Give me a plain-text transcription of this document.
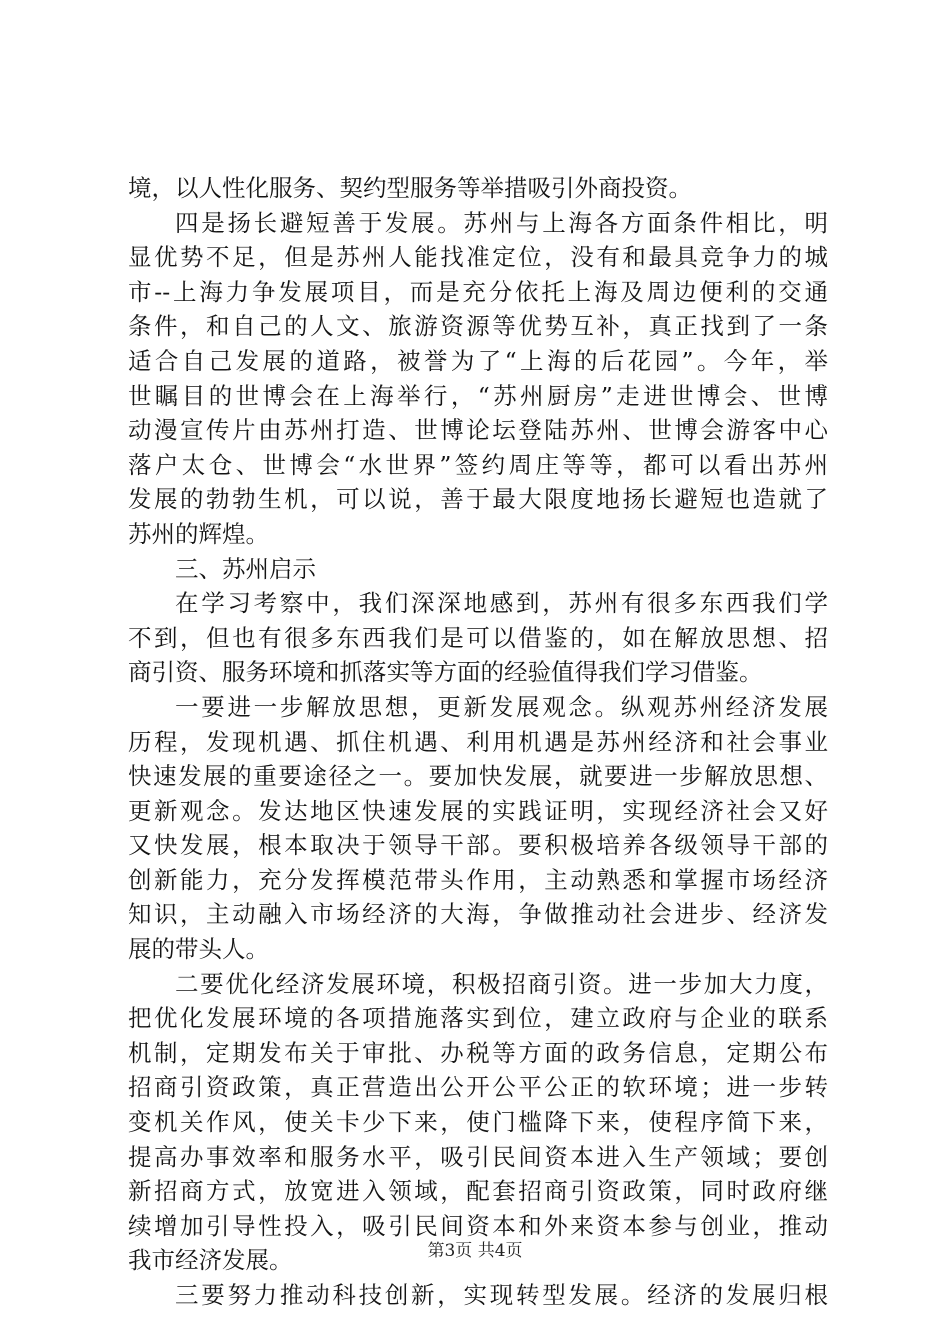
境，以人性化服务、契约型服务等举措吸引外商投资。
四是扬长避短善于发展。苏州与上海各方面条件相比，明
显优势不足，但是苏州人能找准定位，没有和最具竞争力的城
市--上海力争发展项目，而是充分依托上海及周边便利的交通
条件，和自己的人文、旅游资源等优势互补，真正找到了一条
适合自己发展的道路，被誉为了“上海的后花园”。今年，举
世瞩目的世博会在上海举行，“苏州厨房”走进世博会、世博
动漫宣传片由苏州打造、世博论坛登陆苏州、世博会游客中心
落户太仓、世博会“水世界”签约周庄等等，都可以看出苏州
发展的勃勃生机，可以说，善于最大限度地扬长避短也造就了
苏州的辉煌。
三、苏州启示
在学习考察中，我们深深地感到，苏州有很多东西我们学
不到，但也有很多东西我们是可以借鉴的，如在解放思想、招
商引资、服务环境和抓落实等方面的经验值得我们学习借鉴。
一要进一步解放思想，更新发展观念。纵观苏州经济发展
历程，发现机遇、抓住机遇、利用机遇是苏州经济和社会事业
快速发展的重要途径之一。要加快发展，就要进一步解放思想、
更新观念。发达地区快速发展的实践证明，实现经济社会又好
又快发展，根本取决于领导干部。要积极培养各级领导干部的
创新能力，充分发挥模范带头作用，主动熟悉和掌握市场经济
知识，主动融入市场经济的大海，争做推动社会进步、经济发
展的带头人。
二要优化经济发展环境，积极招商引资。进一步加大力度，
把优化发展环境的各项措施落实到位，建立政府与企业的联系
机制，定期发布关于审批、办税等方面的政务信息，定期公布
招商引资政策，真正营造出公开公平公正的软环境；进一步转
变机关作风，使关卡少下来，使门槛降下来，使程序简下来，
提高办事效率和服务水平，吸引民间资本进入生产领域；要创
新招商方式，放宽进入领域，配套招商引资政策，同时政府继
续增加引导性投入，吸引民间资本和外来资本参与创业，推动
我市经济发展。
三要努力推动科技创新，实现转型发展。经济的发展归根
第3页 共4页
